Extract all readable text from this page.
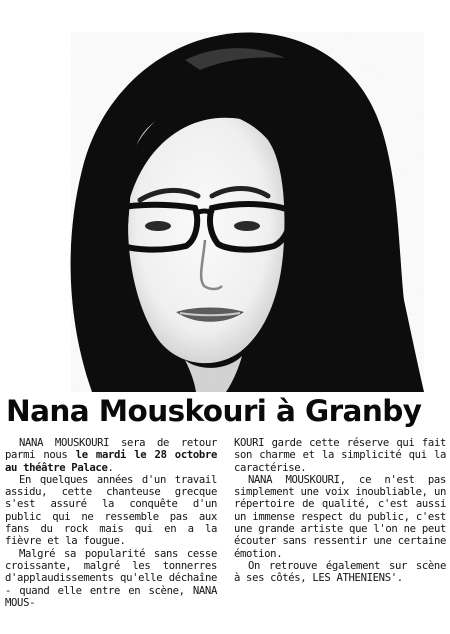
Nana Mouskouri à Granby

NANA MOUSKOURI sera de retour parmi nous le mardi le 28 octobre au théâtre Palace.

En quelques années d'un travail assidu, cette chanteuse grecque s'est assuré la conquête d'un public qui ne ressemble pas aux fans du rock mais qui en a la fièvre et la fougue.

Malgré sa popularité sans cesse croissante, malgré les tonnerres d'applaudissements qu'elle déchaîne - quand elle entre en scène, NANA MOUS-

KOURI garde cette réserve qui fait son charme et la simplicité qui la caractérise.

NANA MOUSKOURI, ce n'est pas simplement une voix inoubliable, un répertoire de qualité, c'est aussi un immense respect du public, c'est une grande artiste que l'on ne peut écouter sans ressentir une certaine émotion.

On retrouve également sur scène à ses côtés, LES ATHENIENS'.
